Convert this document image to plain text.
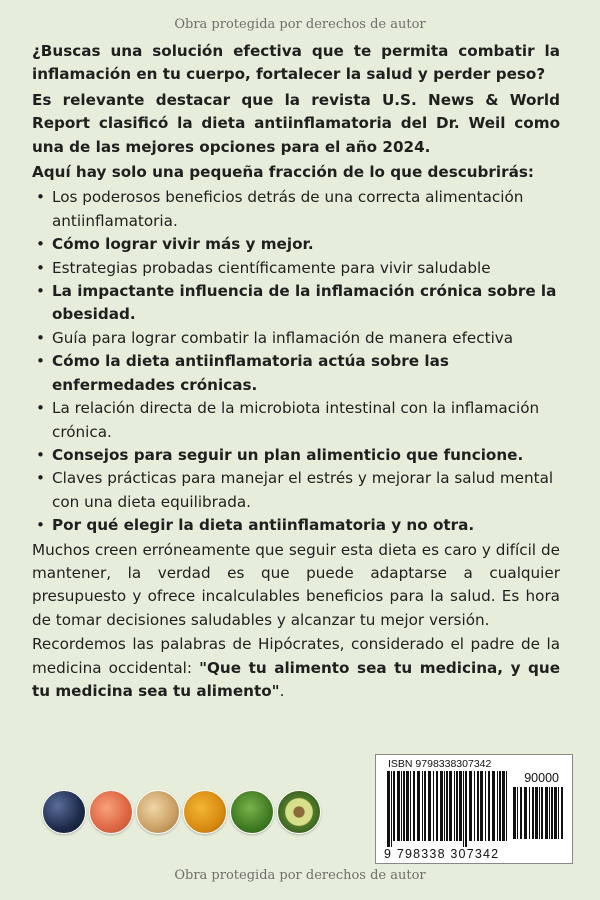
Obra protegida por derechos de autor

¿Buscas una solución efectiva que te permita combatir la inflamación en tu cuerpo, fortalecer la salud y perder peso?

Es relevante destacar que la revista U.S. News & World Report clasificó la dieta antiinflamatoria del Dr. Weil como una de las mejores opciones para el año 2024.

Aquí hay solo una pequeña fracción de lo que descubrirás:

• Los poderosos beneficios detrás de una correcta alimentación antiinflamatoria.
• Cómo lograr vivir más y mejor.
• Estrategias probadas científicamente para vivir saludable
• La impactante influencia de la inflamación crónica sobre la obesidad.
• Guía para lograr combatir la inflamación de manera efectiva
• Cómo la dieta antiinflamatoria actúa sobre las enfermedades crónicas.
• La relación directa de la microbiota intestinal con la inflamación crónica.
• Consejos para seguir un plan alimenticio que funcione.
• Claves prácticas para manejar el estrés y mejorar la salud mental con una dieta equilibrada.
• Por qué elegir la dieta antiinflamatoria y no otra.

Muchos creen erróneamente que seguir esta dieta es caro y difícil de mantener, la verdad es que puede adaptarse a cualquier presupuesto y ofrece incalculables beneficios para la salud. Es hora de tomar decisiones saludables y alcanzar tu mejor versión.

Recordemos las palabras de Hipócrates, considerado el padre de la medicina occidental: "Que tu alimento sea tu medicina, y que tu medicina sea tu alimento".

ISBN 9798338307342
90000
9 798338 307342
Obra protegida por derechos de autor
